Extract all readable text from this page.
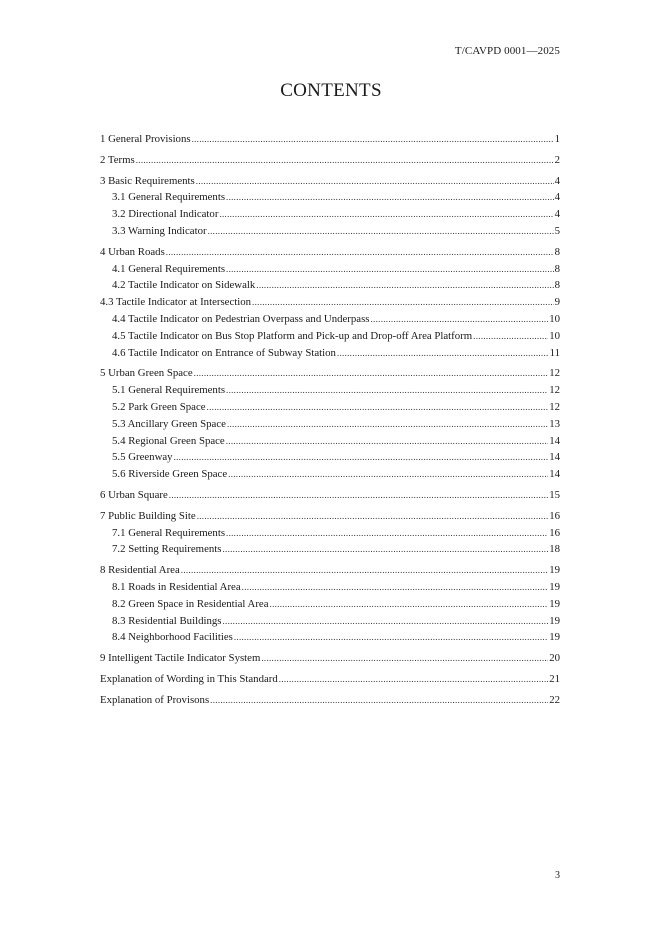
T/CAVPD 0001—2025
CONTENTS
1 General Provisions .....	1
2 Terms .....	2
3 Basic Requirements .....	4
3.1 General Requirements .....	4
3.2 Directional Indicator .....	4
3.3 Warning Indicator .....	5
4 Urban Roads .....	8
4.1 General Requirements .....	8
4.2 Tactile Indicator on Sidewalk .....	8
4.3 Tactile Indicator at Intersection .....	9
4.4 Tactile Indicator on Pedestrian Overpass and Underpass .....	10
4.5 Tactile Indicator on Bus Stop Platform and Pick-up and Drop-off Area Platform .....	10
4.6 Tactile Indicator on Entrance of Subway Station .....	11
5 Urban Green Space .....	12
5.1 General Requirements .....	12
5.2 Park Green Space .....	12
5.3 Ancillary Green Space .....	13
5.4 Regional Green Space .....	14
5.5 Greenway .....	14
5.6 Riverside Green Space .....	14
6 Urban Square .....	15
7 Public Building Site .....	16
7.1 General Requirements .....	16
7.2 Setting Requirements .....	18
8 Residential Area .....	19
8.1 Roads in Residential Area .....	19
8.2 Green Space in Residential Area .....	19
8.3 Residential Buildings .....	19
8.4 Neighborhood Facilities .....	19
9 Intelligent Tactile Indicator System .....	20
Explanation of Wording in This Standard .....	21
Explanation of Provisons .....	22
3
